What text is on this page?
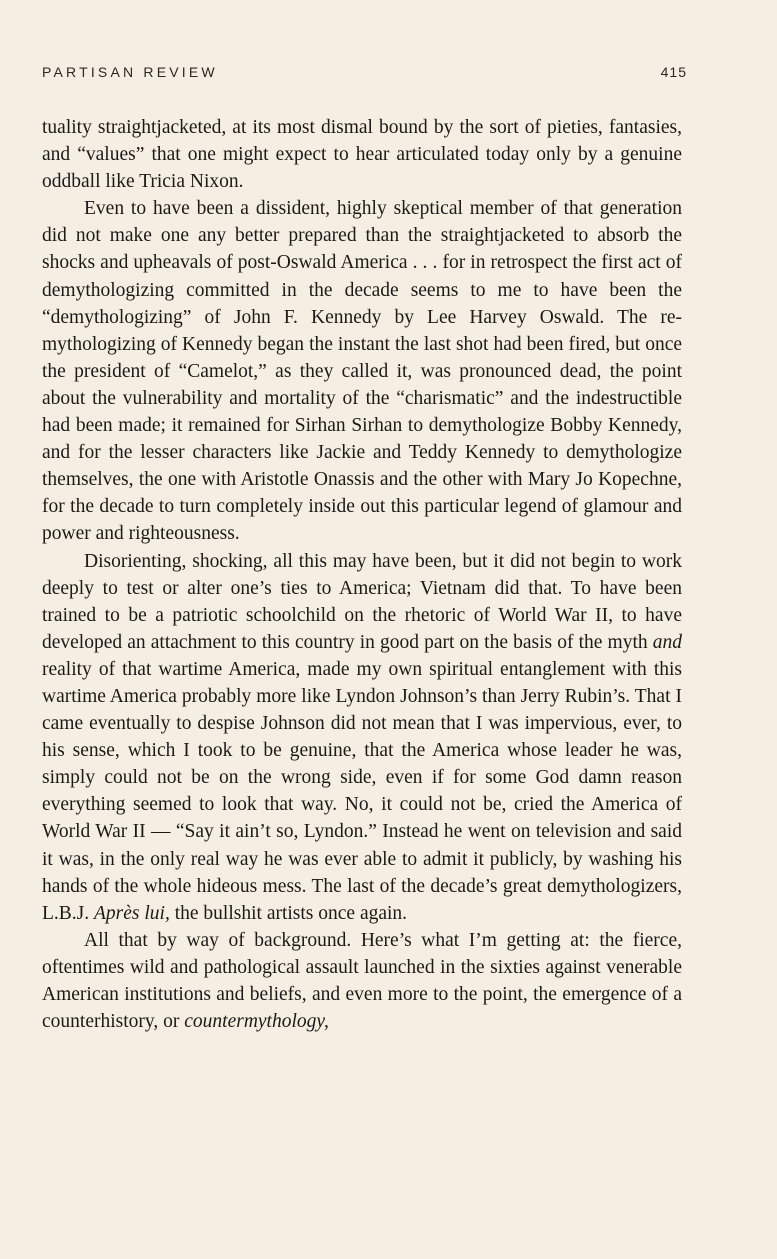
PARTISAN REVIEW	415

tuality straightjacketed, at its most dismal bound by the sort of pieties, fantasies, and “values” that one might expect to hear articulated today only by a genuine oddball like Tricia Nixon.

Even to have been a dissident, highly skeptical member of that generation did not make one any better prepared than the straightjacketed to absorb the shocks and upheavals of post-Oswald America . . . for in retrospect the first act of demythologizing committed in the decade seems to me to have been the “demythologizing” of John F. Kennedy by Lee Harvey Oswald. The re-mythologizing of Kennedy began the instant the last shot had been fired, but once the president of “Camelot,” as they called it, was pronounced dead, the point about the vulnerability and mortality of the “charismatic” and the indestructible had been made; it remained for Sirhan Sirhan to demythologize Bobby Kennedy, and for the lesser characters like Jackie and Teddy Kennedy to demythologize themselves, the one with Aristotle Onassis and the other with Mary Jo Kopechne, for the decade to turn completely inside out this particular legend of glamour and power and righteousness.

Disorienting, shocking, all this may have been, but it did not begin to work deeply to test or alter one’s ties to America; Vietnam did that. To have been trained to be a patriotic schoolchild on the rhetoric of World War II, to have developed an attachment to this country in good part on the basis of the myth and reality of that wartime America, made my own spiritual entanglement with this wartime America probably more like Lyndon Johnson’s than Jerry Rubin’s. That I came eventually to despise Johnson did not mean that I was impervious, ever, to his sense, which I took to be genuine, that the America whose leader he was, simply could not be on the wrong side, even if for some God damn reason everything seemed to look that way. No, it could not be, cried the America of World War II — “Say it ain’t so, Lyndon.” Instead he went on television and said it was, in the only real way he was ever able to admit it publicly, by washing his hands of the whole hideous mess. The last of the decade’s great demythologizers, L.B.J. Après lui, the bullshit artists once again.

All that by way of background. Here’s what I’m getting at: the fierce, oftentimes wild and pathological assault launched in the sixties against venerable American institutions and beliefs, and even more to the point, the emergence of a counterhistory, or countermythology,
